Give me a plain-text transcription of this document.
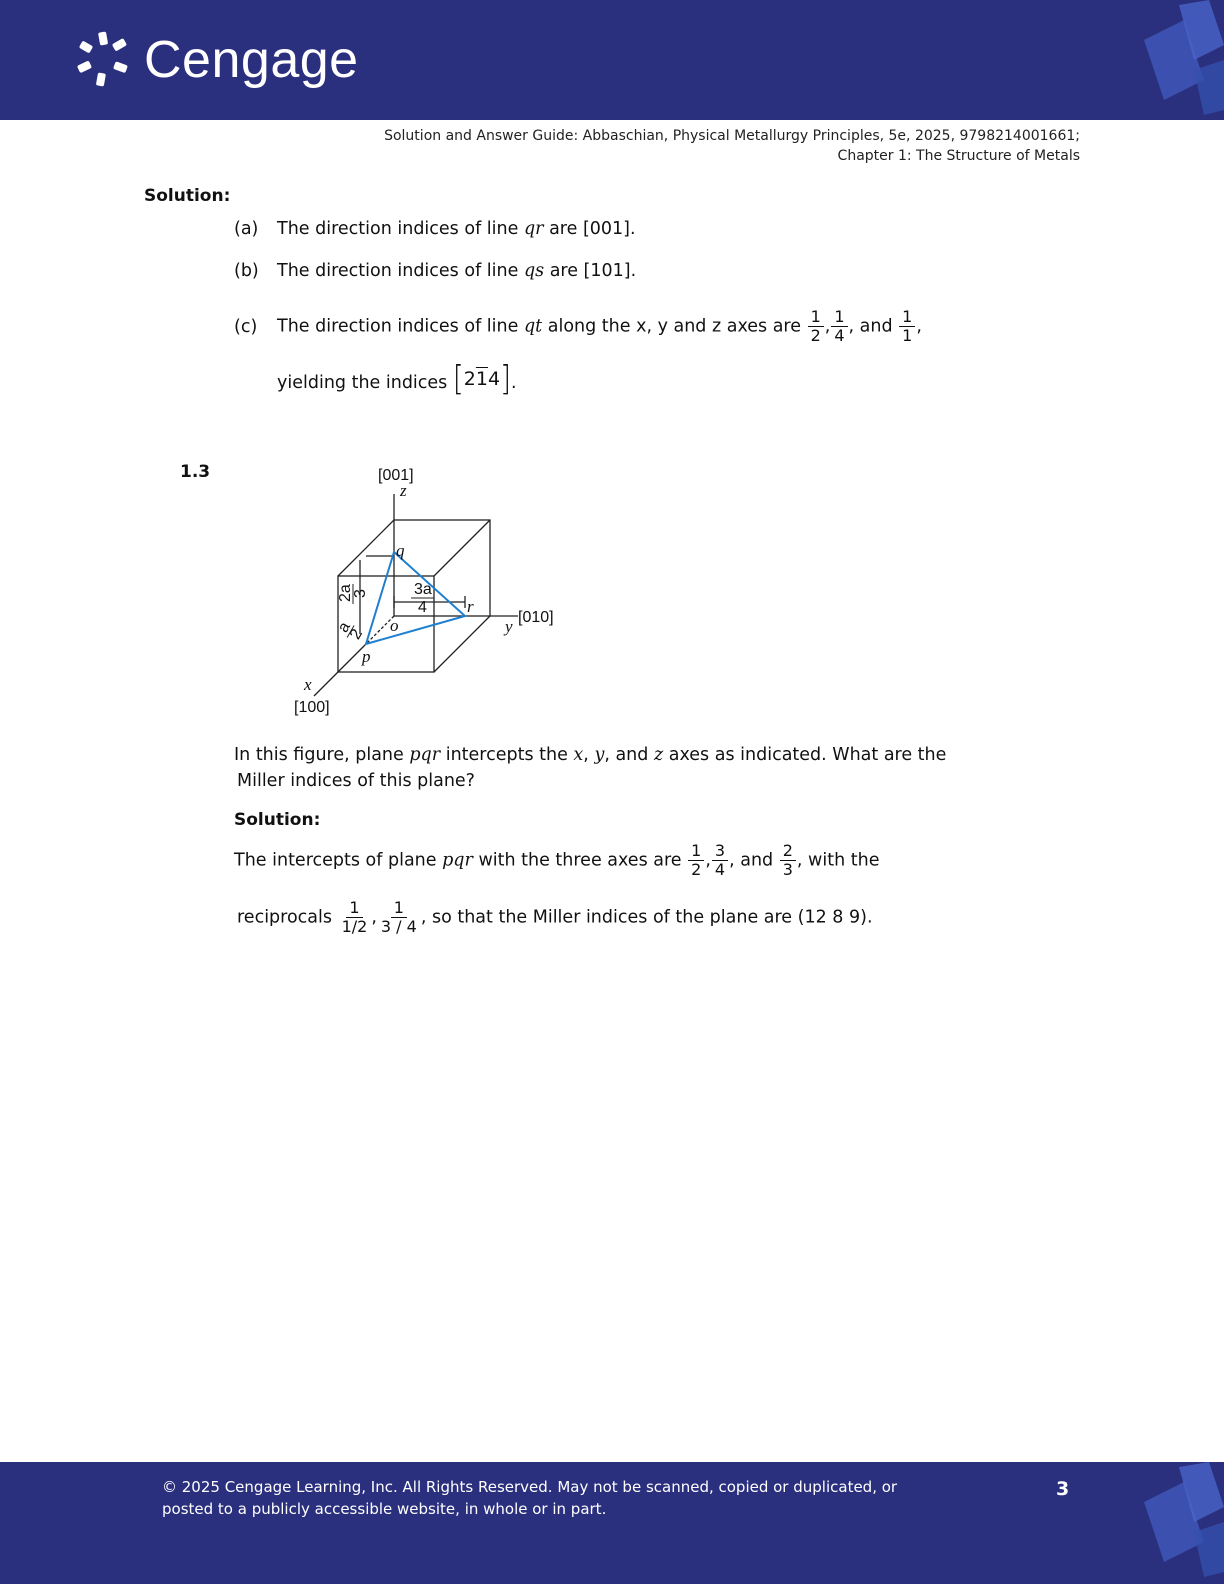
Cengage
Solution and Answer Guide: Abbaschian, Physical Metallurgy Principles, 5e, 2025, 9798214001661;
Chapter 1: The Structure of Metals
Solution:
(a) The direction indices of line qr are [001].
(b) The direction indices of line qs are [101].
(c) The direction indices of line qt along the x, y and z axes are $\frac{1}{2}$ , $\frac{1}{4}$ , and $\frac{1}{1}$ ,
yielding the indices [ 2 1 4 ] .
1.3	[001]
z
[010]
y
[100]
x
q
r
o
p
2a
3	3a
4
a
2
In this figure, plane pqr intercepts the x, y, and z axes as indicated. What are the
Miller indices of this plane?
Solution:
The intercepts of plane pqr with the three axes are $\frac{1}{2}$ , $\frac{3}{4}$ , and $\frac{2}{3}$ , with the
reciprocals $\frac{1}{1/2}$ , $\frac{1}{3 / 4}$ , so that the Miller indices of the plane are (12 8 9).
© 2025 Cengage Learning, Inc. All Rights Reserved. May not be scanned, copied or duplicated, or
posted to a publicly accessible website, in whole or in part.
3
